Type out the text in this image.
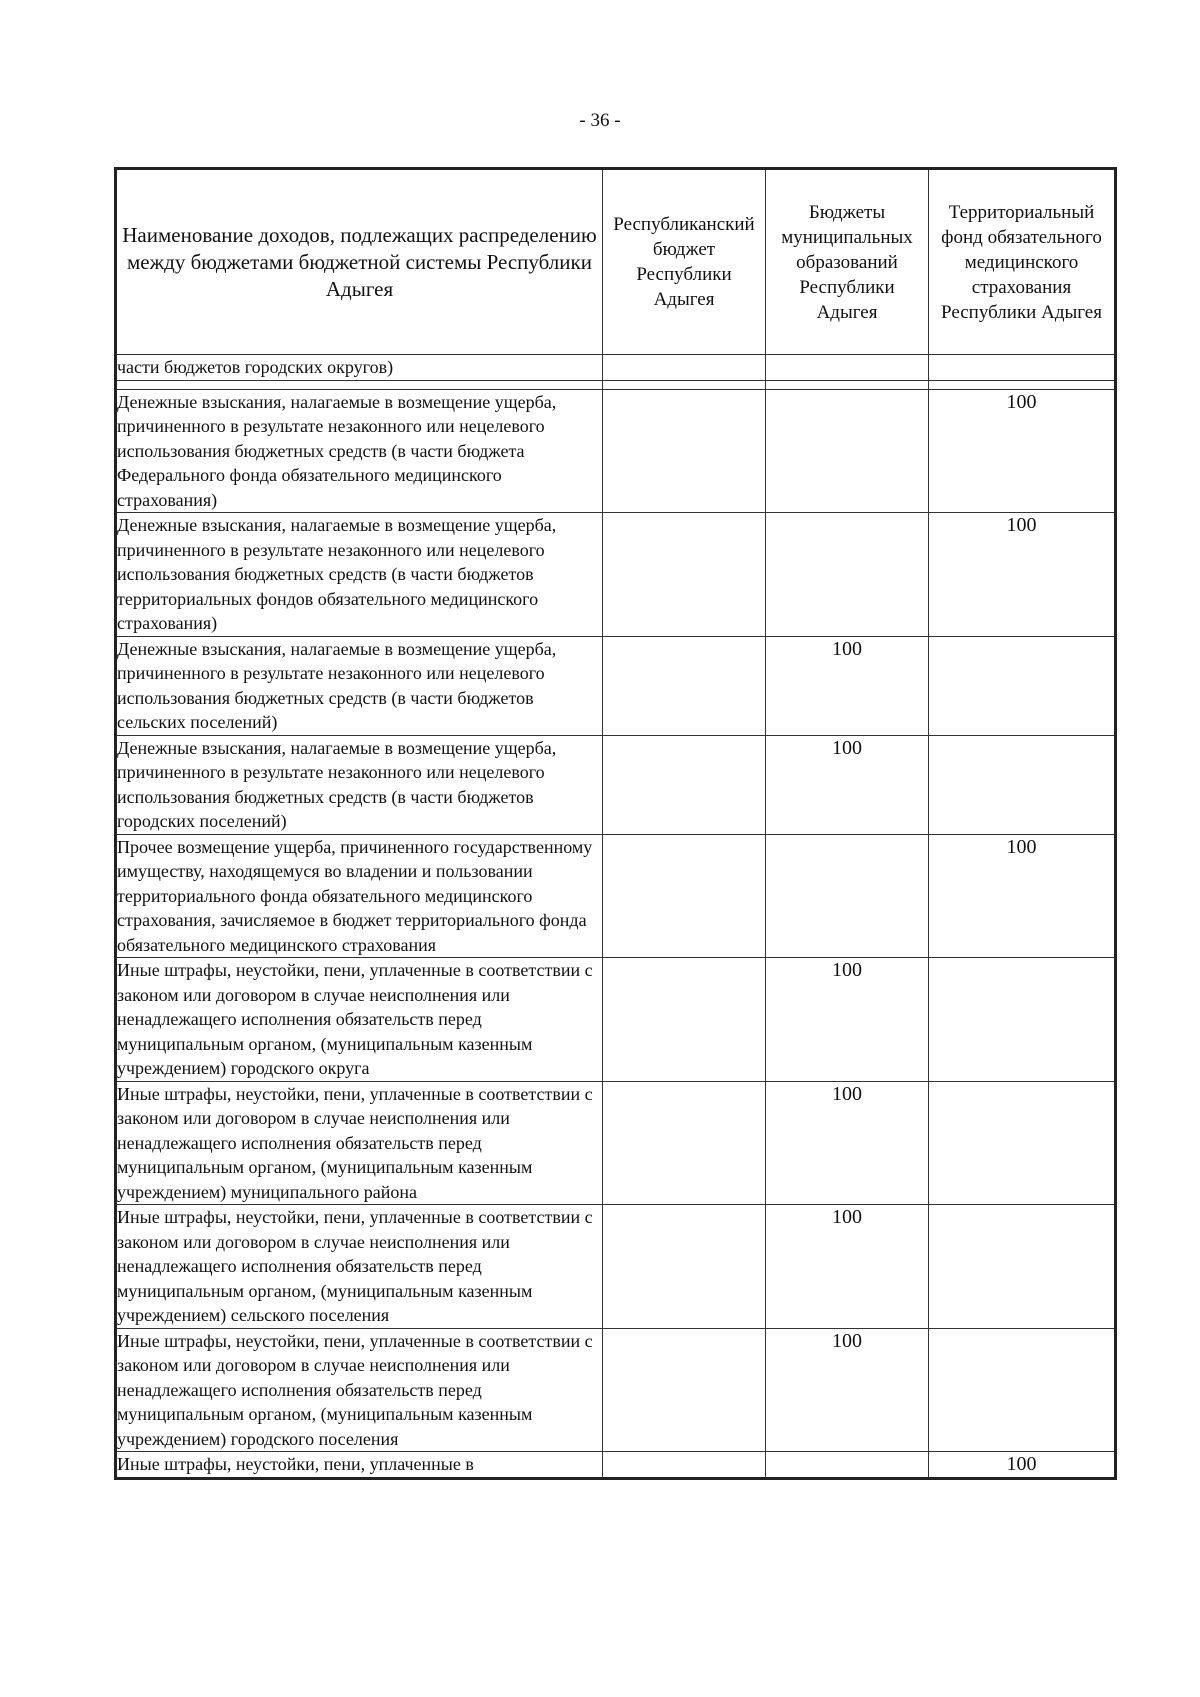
- 36 -
Наименование доходов, подлежащих распределению между бюджетами бюджетной системы Республики Адыгея	Республиканский бюджет Республики Адыгея	Бюджеты муниципальных образований Республики Адыгея	Территориальный фонд обязательного медицинского страхования Республики Адыгея
части бюджетов городских округов)			

Денежные взыскания, налагаемые в возмещение ущерба, причиненного в результате незаконного или нецелевого использования бюджетных средств (в части бюджета Федерального фонда обязательного медицинского страхования)			100
Денежные взыскания, налагаемые в возмещение ущерба, причиненного в результате незаконного или нецелевого использования бюджетных средств (в части бюджетов территориальных фондов обязательного медицинского страхования)			100
Денежные взыскания, налагаемые в возмещение ущерба, причиненного в результате незаконного или нецелевого использования бюджетных средств (в части бюджетов сельских поселений)		100	
Денежные взыскания, налагаемые в возмещение ущерба, причиненного в результате незаконного или нецелевого использования бюджетных средств (в части бюджетов городских поселений)		100	
Прочее возмещение ущерба, причиненного государственному имуществу, находящемуся во владении и пользовании территориального фонда обязательного медицинского страхования, зачисляемое в бюджет территориального фонда обязательного медицинского страхования			100
Иные штрафы, неустойки, пени, уплаченные в соответствии с законом или договором в случае неисполнения или ненадлежащего исполнения обязательств перед муниципальным органом, (муниципальным казенным учреждением) городского округа		100	
Иные штрафы, неустойки, пени, уплаченные в соответствии с законом или договором в случае неисполнения или ненадлежащего исполнения обязательств перед муниципальным органом, (муниципальным казенным учреждением) муниципального района		100	
Иные штрафы, неустойки, пени, уплаченные в соответствии с законом или договором в случае неисполнения или ненадлежащего исполнения обязательств перед муниципальным органом, (муниципальным казенным учреждением) сельского поселения		100	
Иные штрафы, неустойки, пени, уплаченные в соответствии с законом или договором в случае неисполнения или ненадлежащего исполнения обязательств перед муниципальным органом, (муниципальным казенным учреждением) городского поселения		100	
Иные штрафы, неустойки, пени, уплаченные в			100
